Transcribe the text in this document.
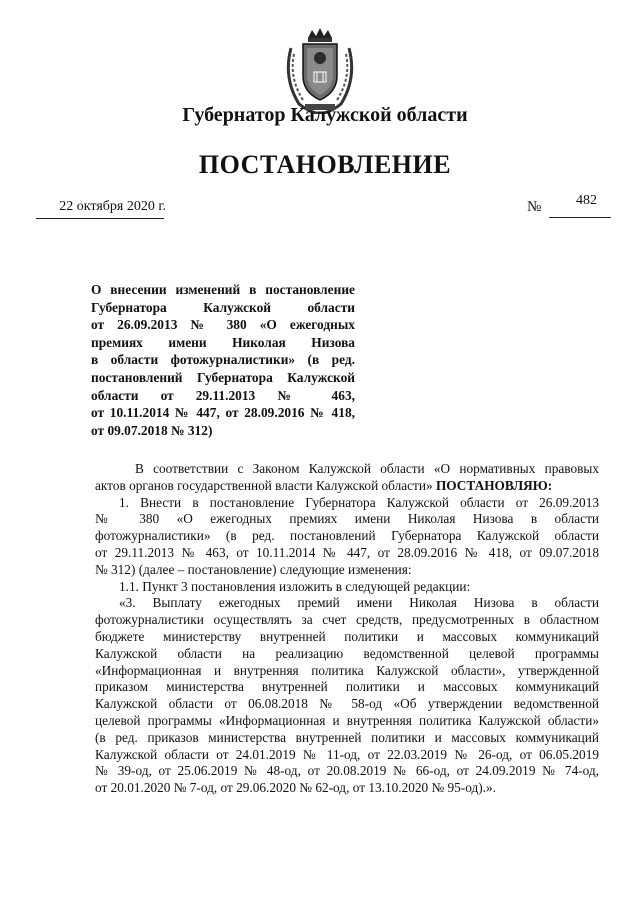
Губернатор Калужской области
ПОСТАНОВЛЕНИЕ
22 октября 2020 г.	№ 482
О внесении изменений в постановление
Губернатора Калужской области
от 26.09.2013 № 380 «О ежегодных
премиях имени Николая Низова
в области фотожурналистики» (в ред.
постановлений Губернатора Калужской
области от 29.11.2013 № 463,
от 10.11.2014 № 447, от 28.09.2016 № 418,
от 09.07.2018 № 312)
В соответствии с Законом Калужской области «О нормативных правовых
актов органов государственной власти Калужской области» ПОСТАНОВЛЯЮ:
1. Внести в постановление Губернатора Калужской области от 26.09.2013
№ 380 «О ежегодных премиях имени Николая Низова в области
фотожурналистики» (в ред. постановлений Губернатора Калужской области
от 29.11.2013 № 463, от 10.11.2014 № 447, от 28.09.2016 № 418, от 09.07.2018
№ 312) (далее – постановление) следующие изменения:
1.1. Пункт 3 постановления изложить в следующей редакции:
«3. Выплату ежегодных премий имени Николая Низова в области
фотожурналистики осуществлять за счет средств, предусмотренных в областном
бюджете министерству внутренней политики и массовых коммуникаций
Калужской области на реализацию ведомственной целевой программы
«Информационная и внутренняя политика Калужской области», утвержденной
приказом министерства внутренней политики и массовых коммуникаций
Калужской области от 06.08.2018 № 58-од «Об утверждении ведомственной
целевой программы «Информационная и внутренняя политика Калужской области»
(в ред. приказов министерства внутренней политики и массовых коммуникаций
Калужской области от 24.01.2019 № 11-од, от 22.03.2019 № 26-од, от 06.05.2019
№ 39-од, от 25.06.2019 № 48-од, от 20.08.2019 № 66-од, от 24.09.2019 № 74-од,
от 20.01.2020 № 7-од, от 29.06.2020 № 62-од, от 13.10.2020 № 95-од).».
